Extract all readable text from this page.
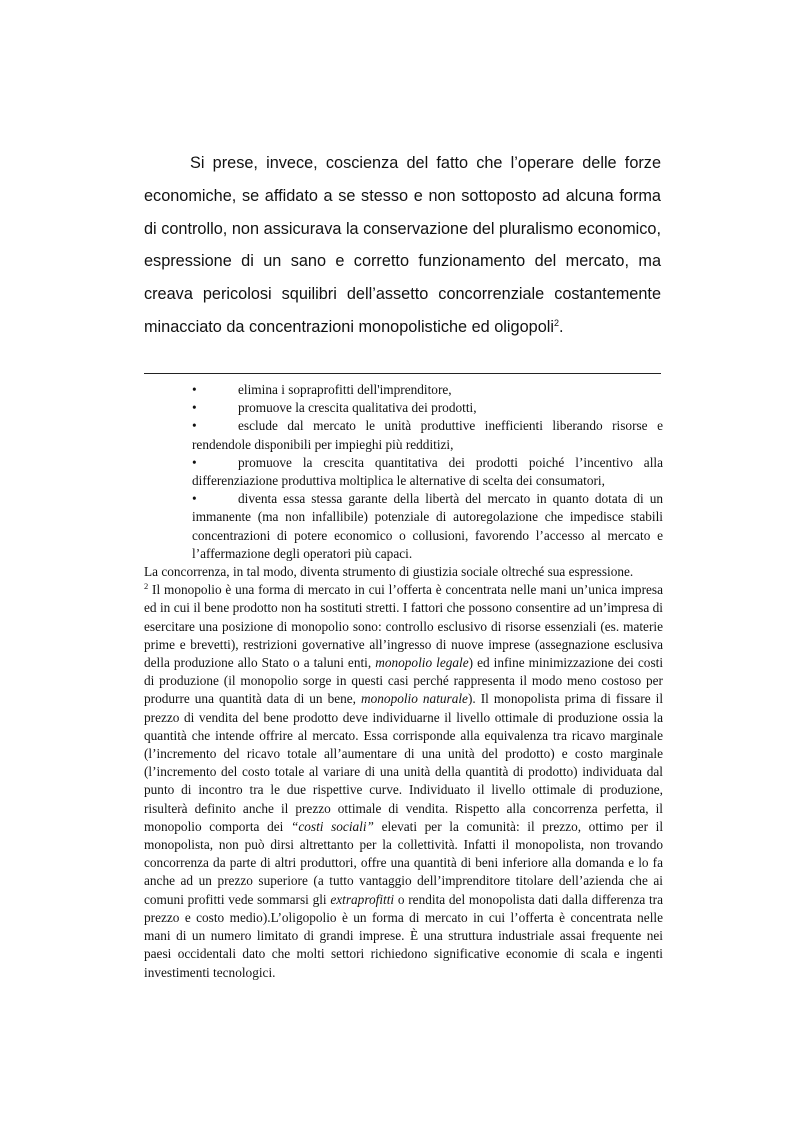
Si prese, invece, coscienza del fatto che l’operare delle forze economiche, se affidato a se stesso e non sottoposto ad alcuna forma di controllo, non assicurava la conservazione del pluralismo economico, espressione di un sano e corretto funzionamento del mercato, ma creava pericolosi squilibri dell’assetto concorrenziale costantemente minacciato da concentrazioni monopolistiche ed oligopoli$^2$.

•	elimina i sopraprofitti dell'imprenditore,
•	promuove la crescita qualitativa dei prodotti,
•	esclude dal mercato le unità produttive inefficienti liberando risorse e rendendole disponibili per impieghi più redditizi,
•	promuove la crescita quantitativa dei prodotti poiché l’incentivo alla differenziazione produttiva moltiplica le alternative di scelta dei consumatori,
•	diventa essa stessa garante della libertà del mercato in quanto dotata di un immanente (ma non infallibile) potenziale di autoregolazione che impedisce stabili concentrazioni di potere economico o collusioni, favorendo l’accesso al mercato e l’affermazione degli operatori più capaci.

La concorrenza, in tal modo, diventa strumento di giustizia sociale oltreché sua espressione.

$^2$ Il monopolio è una forma di mercato in cui l’offerta è concentrata nelle mani un’unica impresa ed in cui il bene prodotto non ha sostituti stretti. I fattori che possono consentire ad un’impresa di esercitare una posizione di monopolio sono: controllo esclusivo di risorse essenziali (es. materie prime e brevetti), restrizioni governative all’ingresso di nuove imprese (assegnazione esclusiva della produzione allo Stato o a taluni enti, monopolio legale) ed infine minimizzazione dei costi di produzione (il monopolio sorge in questi casi perché rappresenta il modo meno costoso per produrre una quantità data di un bene, monopolio naturale). Il monopolista prima di fissare il prezzo di vendita del bene prodotto deve individuarne il livello ottimale di produzione ossia la quantità che intende offrire al mercato. Essa corrisponde alla equivalenza tra ricavo marginale (l’incremento del ricavo totale all’aumentare di una unità del prodotto) e costo marginale (l’incremento del costo totale al variare di una unità della quantità di prodotto) individuata dal punto di incontro tra le due rispettive curve. Individuato il livello ottimale di produzione, risulterà definito anche il prezzo ottimale di vendita. Rispetto alla concorrenza perfetta, il monopolio comporta dei “costi sociali” elevati per la comunità: il prezzo, ottimo per il monopolista, non può dirsi altrettanto per la collettività. Infatti il monopolista, non trovando concorrenza da parte di altri produttori, offre una quantità di beni inferiore alla domanda e lo fa anche ad un prezzo superiore (a tutto vantaggio dell’imprenditore titolare dell’azienda che ai comuni profitti vede sommarsi gli extraprofitti o rendita del monopolista dati dalla differenza tra prezzo e costo medio).L’oligopolio è un forma di mercato in cui l’offerta è concentrata nelle mani di un numero limitato di grandi imprese. È una struttura industriale assai frequente nei paesi occidentali dato che molti settori richiedono significative economie di scala e ingenti investimenti tecnologici.
